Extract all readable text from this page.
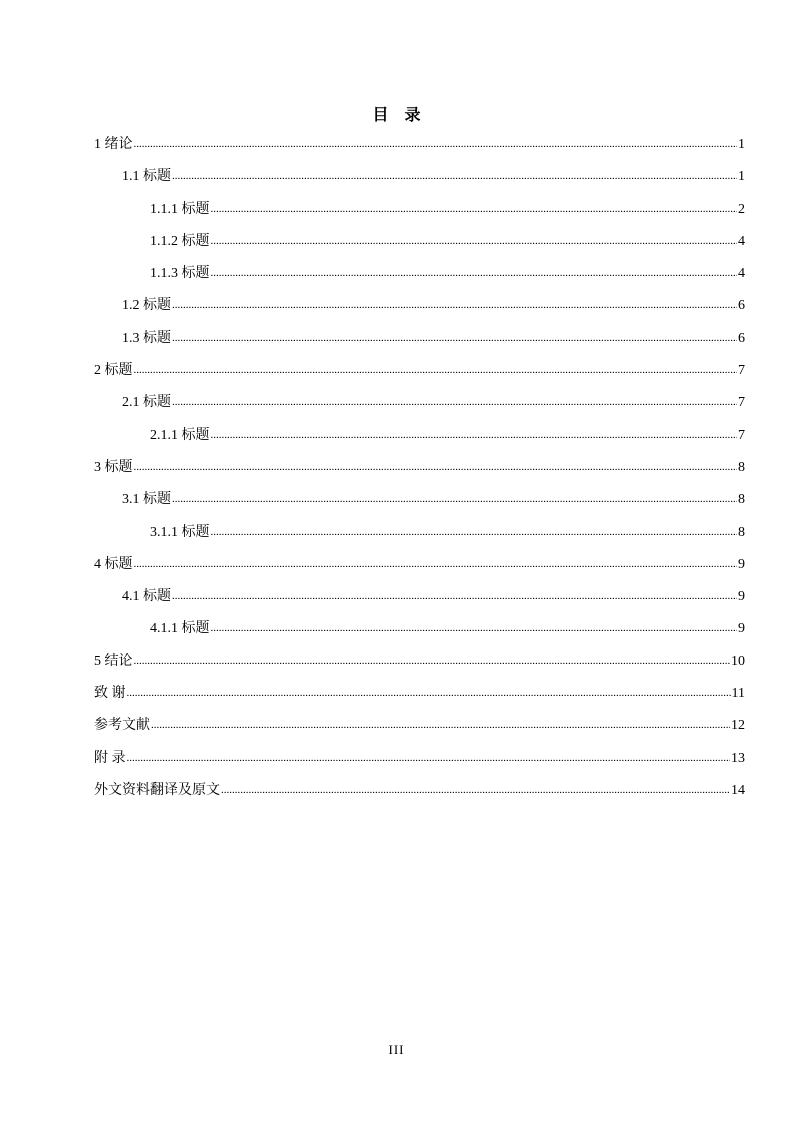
目 录
1 绪论 .....	1
1.1 标题 .....	1
1.1.1 标题 .....	2
1.1.2 标题 .....	4
1.1.3 标题 .....	4
1.2 标题 .....	6
1.3 标题 .....	6
2 标题 .....	7
2.1 标题 .....	7
2.1.1 标题 .....	7
3 标题 .....	8
3.1 标题 .....	8
3.1.1 标题 .....	8
4 标题 .....	9
4.1 标题 .....	9
4.1.1 标题 .....	9
5 结论 .....	10
致 谢 .....	11
参考文献 .....	12
附 录 .....	13
外文资料翻译及原文 .....	14
III
